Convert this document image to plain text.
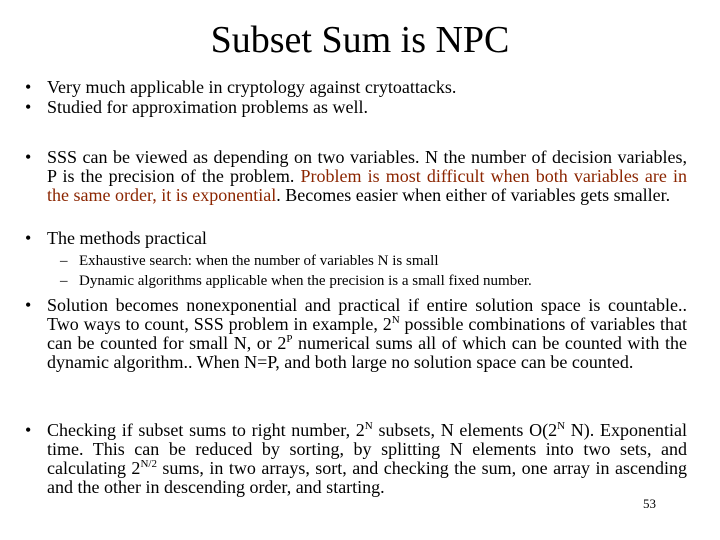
Subset Sum is NPC
• Very much applicable in cryptology against crytoattacks.
• Studied for approximation problems as well.
• SSS can be viewed as depending on two variables. N the number of decision variables, P is the precision of the problem. Problem is most difficult when both variables are in the same order, it is exponential. Becomes easier when either of variables gets smaller.
• The methods practical
– Exhaustive search: when the number of variables N is small
– Dynamic algorithms applicable when the precision is a small fixed number.
• Solution becomes nonexponential and practical if entire solution space is countable.. Two ways to count, SSS problem in example, $2^N$ possible combinations of variables that can be counted for small N, or $2^P$ numerical sums all of which can be counted with the dynamic algorithm.. When N=P, and both large no solution space can be counted.
• Checking if subset sums to right number, $2^N$ subsets, N elements $O(2^N$ N). Exponential time. This can be reduced by sorting, by splitting N elements into two sets, and calculating $2^{N/2}$ sums, in two arrays, sort, and checking the sum, one array in ascending and the other in descending order, and starting.
53
